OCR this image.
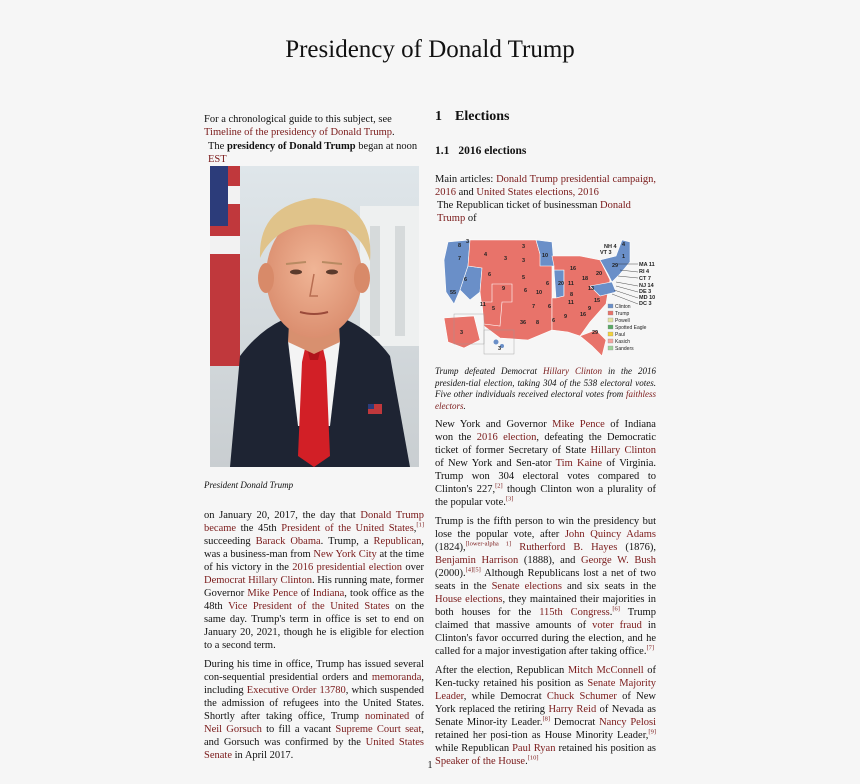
Presidency of Donald Trump

For a chronological guide to this subject, see Timeline of the presidency of Donald Trump.

The presidency of Donald Trump began at noon EST

President Donald Trump

on January 20, 2017, the day that Donald Trump became the 45th President of the United States,[1] succeeding Barack Obama. Trump, a Republican, was a business-man from New York City at the time of his victory in the 2016 presidential election over Democrat Hillary Clinton. His running mate, former Governor Mike Pence of Indiana, took office as the 48th Vice President of the United States on the same day. Trump's term in office is set to end on January 20, 2021, though he is eligible for election to a second term.

During his time in office, Trump has issued several con-sequential presidential orders and memoranda, including Executive Order 13780, which suspended the admission of refugees into the United States. Shortly after taking office, Trump nominated of Neil Gorsuch to fill a vacant Supreme Court seat, and Gorsuch was confirmed by the United States Senate in April 2017.

1 Elections
1.1 2016 elections

Main articles: Donald Trump presidential campaign, 2016 and United States elections, 2016

The Republican ticket of businessman Donald Trump of

8
3
7
4
3
3
3
10
16	29
55
6
6
9
5
11
5
6 10
6 20 11
18
20
7 6
8
13
11	15
9
16
9
6
8
36
29
3
3
4
1
NH 4
VT 3
MA 11
RI 4
CT 7
NJ 14
DE 3
MD 10
DC 3
Clinton
Trump
Powell
Spotted Eagle
Paul
Kasich
Sanders
Trump defeated Democrat Hillary Clinton in the 2016 presiden-tial election, taking 304 of the 538 electoral votes. Five other individuals received electoral votes from faithless electors.

New York and Governor Mike Pence of Indiana won the 2016 election, defeating the Democratic ticket of former Secretary of State Hillary Clinton of New York and Sen-ator Tim Kaine of Virginia. Trump won 304 electoral votes compared to Clinton's 227,[2] though Clinton won a plurality of the popular vote.[3]

Trump is the fifth person to win the presidency but lose the popular vote, after John Quincy Adams (1824),[lower-alpha 1] Rutherford B. Hayes (1876), Benjamin Harrison (1888), and George W. Bush (2000).[4][5] Although Republicans lost a net of two seats in the Senate elections and six seats in the House elections, they maintained their majorities in both houses for the 115th Congress.[6] Trump claimed that massive amounts of voter fraud in Clinton's favor occurred during the election, and he called for a major investigation after taking office.[7]

After the election, Republican Mitch McConnell of Ken-tucky retained his position as Senate Majority Leader, while Democrat Chuck Schumer of New York replaced the retiring Harry Reid of Nevada as Senate Minor-ity Leader.[8] Democrat Nancy Pelosi retained her posi-tion as House Minority Leader,[9] while Republican Paul Ryan retained his position as Speaker of the House.[10]

1
